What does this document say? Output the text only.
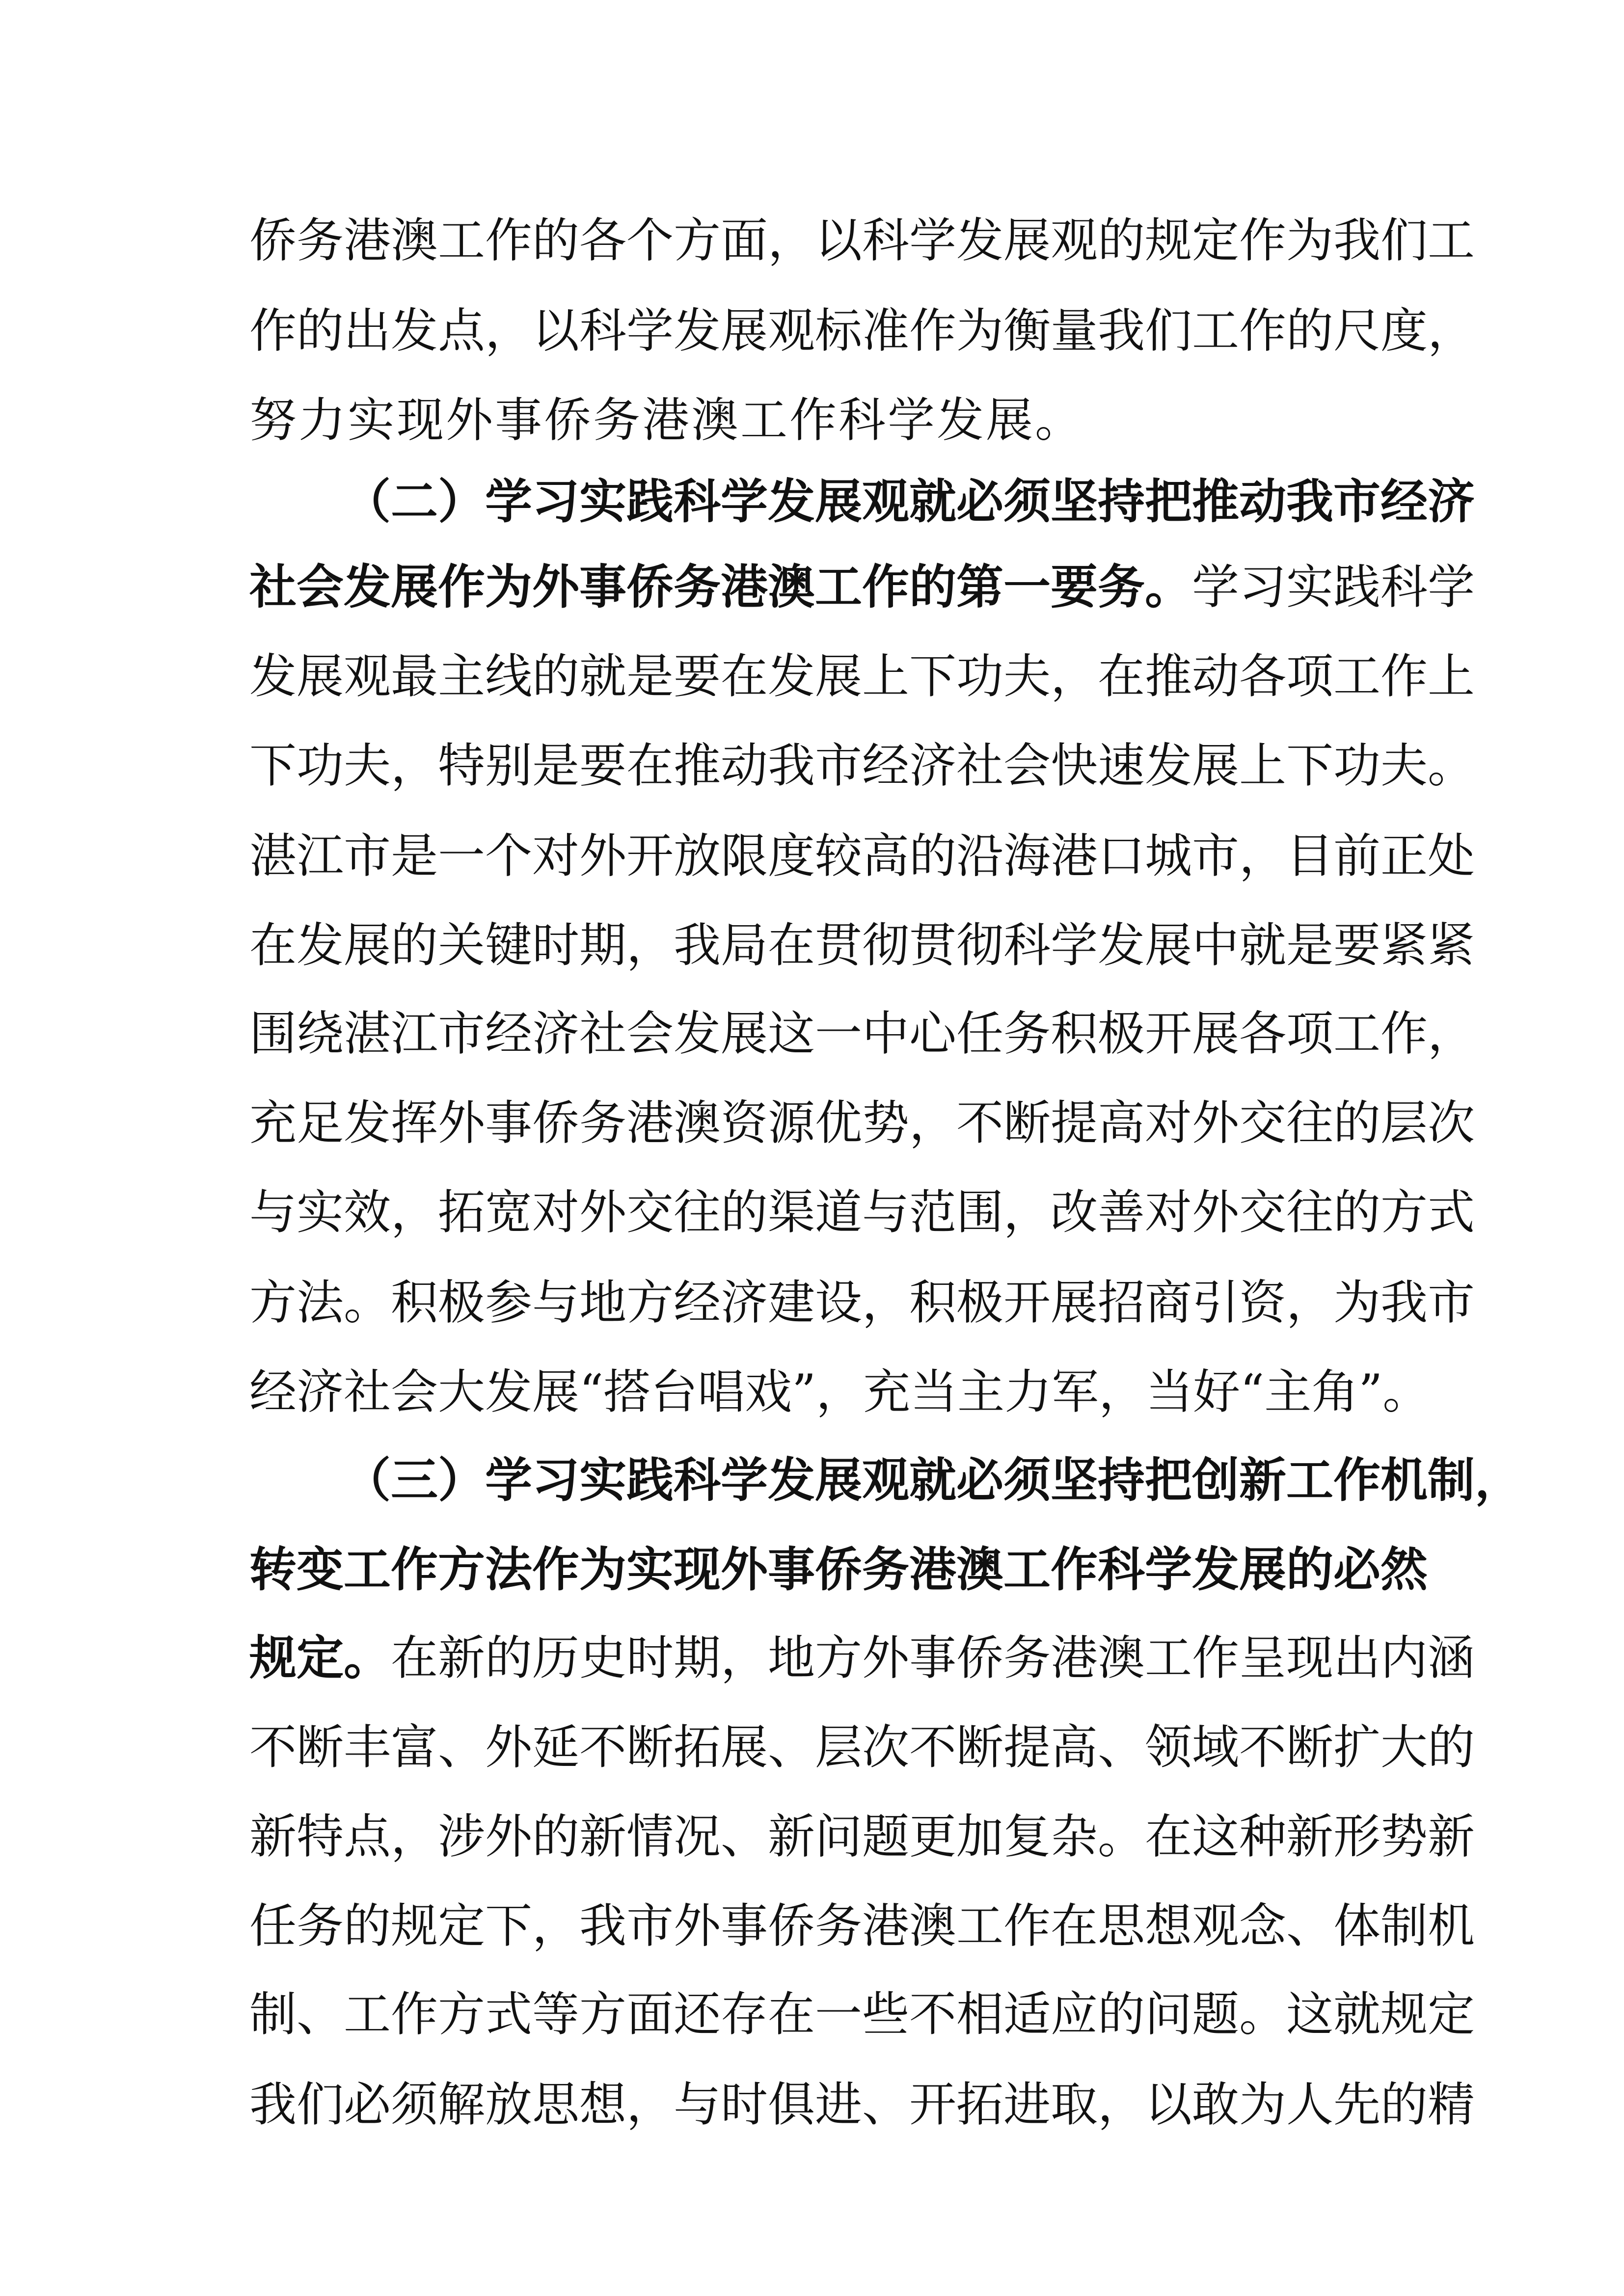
侨务港澳工作的各个方面，以科学发展观的规定作为我们工
作的出发点，以科学发展观标准作为衡量我们工作的尺度，
努力实现外事侨务港澳工作科学发展。
（二）学习实践科学发展观就必须坚持把推动我市经济
社会发展作为外事侨务港澳工作的第一要务。学习实践科学
发展观最主线的就是要在发展上下功夫，在推动各项工作上
下功夫，特别是要在推动我市经济社会快速发展上下功夫。
湛江市是一个对外开放限度较高的沿海港口城市，目前正处
在发展的关键时期，我局在贯彻贯彻科学发展中就是要紧紧
围绕湛江市经济社会发展这一中心任务积极开展各项工作，
充足发挥外事侨务港澳资源优势，不断提高对外交往的层次
与实效，拓宽对外交往的渠道与范围，改善对外交往的方式
方法。积极参与地方经济建设，积极开展招商引资，为我市
经济社会大发展“搭台唱戏”，充当主力军，当好“主角”。
（三）学习实践科学发展观就必须坚持把创新工作机制，
转变工作方法作为实现外事侨务港澳工作科学发展的必然
规定。在新的历史时期，地方外事侨务港澳工作呈现出内涵
不断丰富、外延不断拓展、层次不断提高、领域不断扩大的
新特点，涉外的新情况、新问题更加复杂。在这种新形势新
任务的规定下，我市外事侨务港澳工作在思想观念、体制机
制、工作方式等方面还存在一些不相适应的问题。这就规定
我们必须解放思想，与时俱进、开拓进取，以敢为人先的精
